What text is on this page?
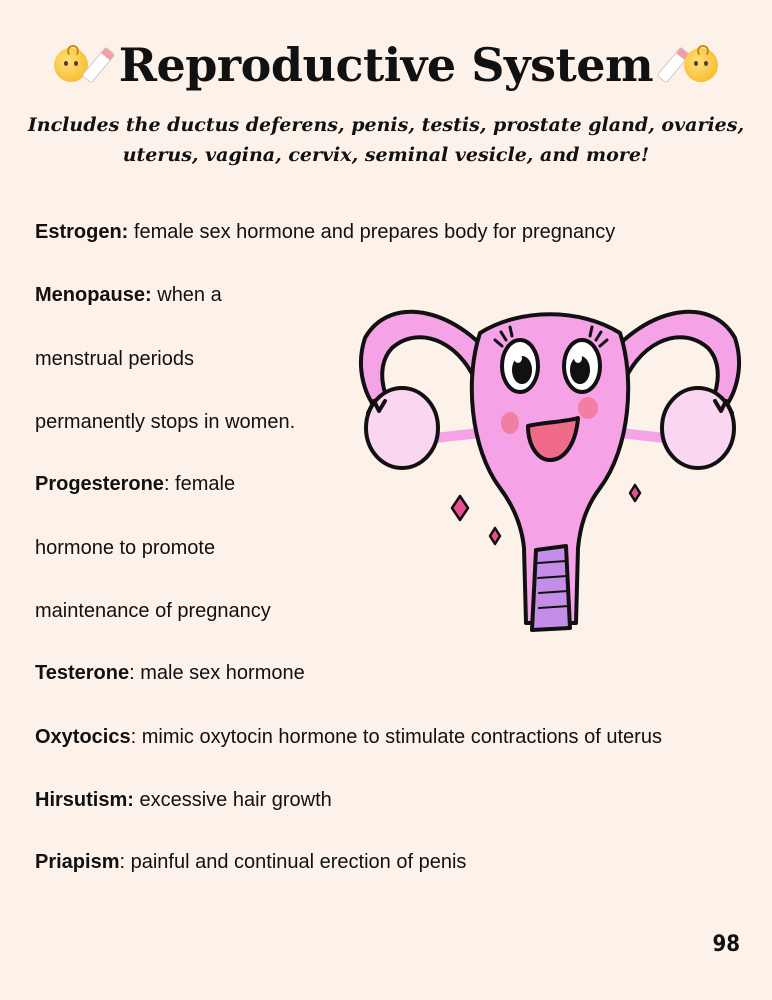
Reproductive System
Includes the ductus deferens, penis, testis, prostate gland, ovaries,
uterus, vagina, cervix, seminal vesicle, and more!
Estrogen: female sex hormone and prepares body for pregnancy
Menopause: when a
menstrual periods
permanently stops in women.
Progesterone: female
hormone to promote
maintenance of pregnancy
Testerone: male sex hormone
Oxytocics: mimic oxytocin hormone to stimulate contractions of uterus
Hirsutism: excessive hair growth
Priapism: painful and continual erection of penis
98
